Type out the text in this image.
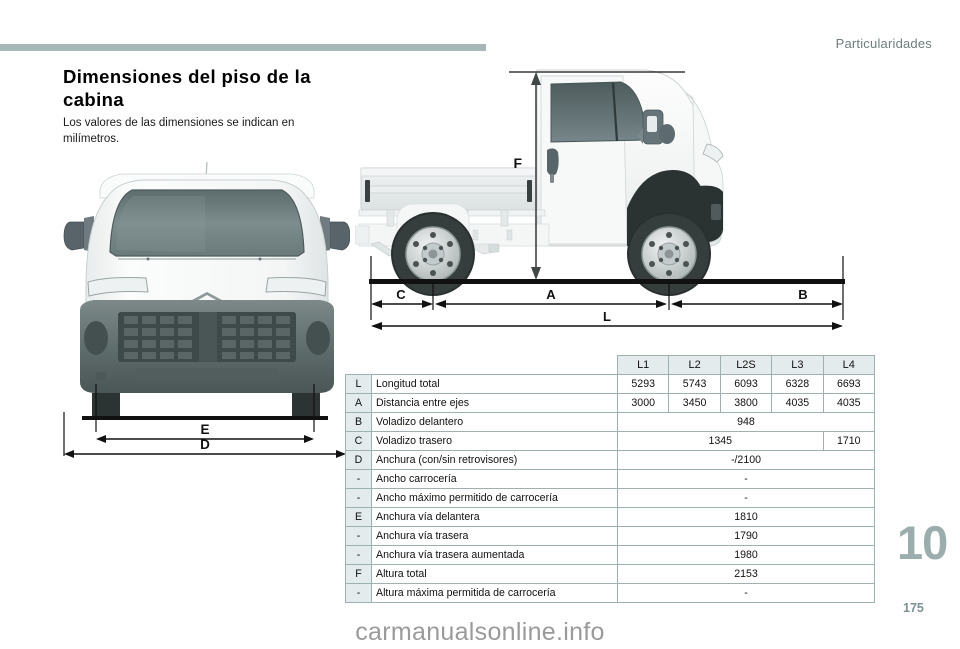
Particularidades
Dimensiones del piso de la cabina
Los valores de las dimensiones se indican en milímetros.
E
D
F
C	A	B
L
		L1	L2	L2S	L3	L4
L	Longitud total	5293	5743	6093	6328	6693
A	Distancia entre ejes	3000	3450	3800	4035	4035
B	Voladizo delantero	948				
C	Voladizo trasero	1345				1710
D	Anchura (con/sin retrovisores)	-/2100				
-	Ancho carrocería	-				
-	Ancho máximo permitido de carrocería	-				
E	Anchura vía delantera	1810				
-	Anchura vía trasera	1790				
-	Anchura vía trasera aumentada	1980				
F	Altura total	2153				
-	Altura máxima permitida de carrocería	-				
10
175
carmanualsonline.info
